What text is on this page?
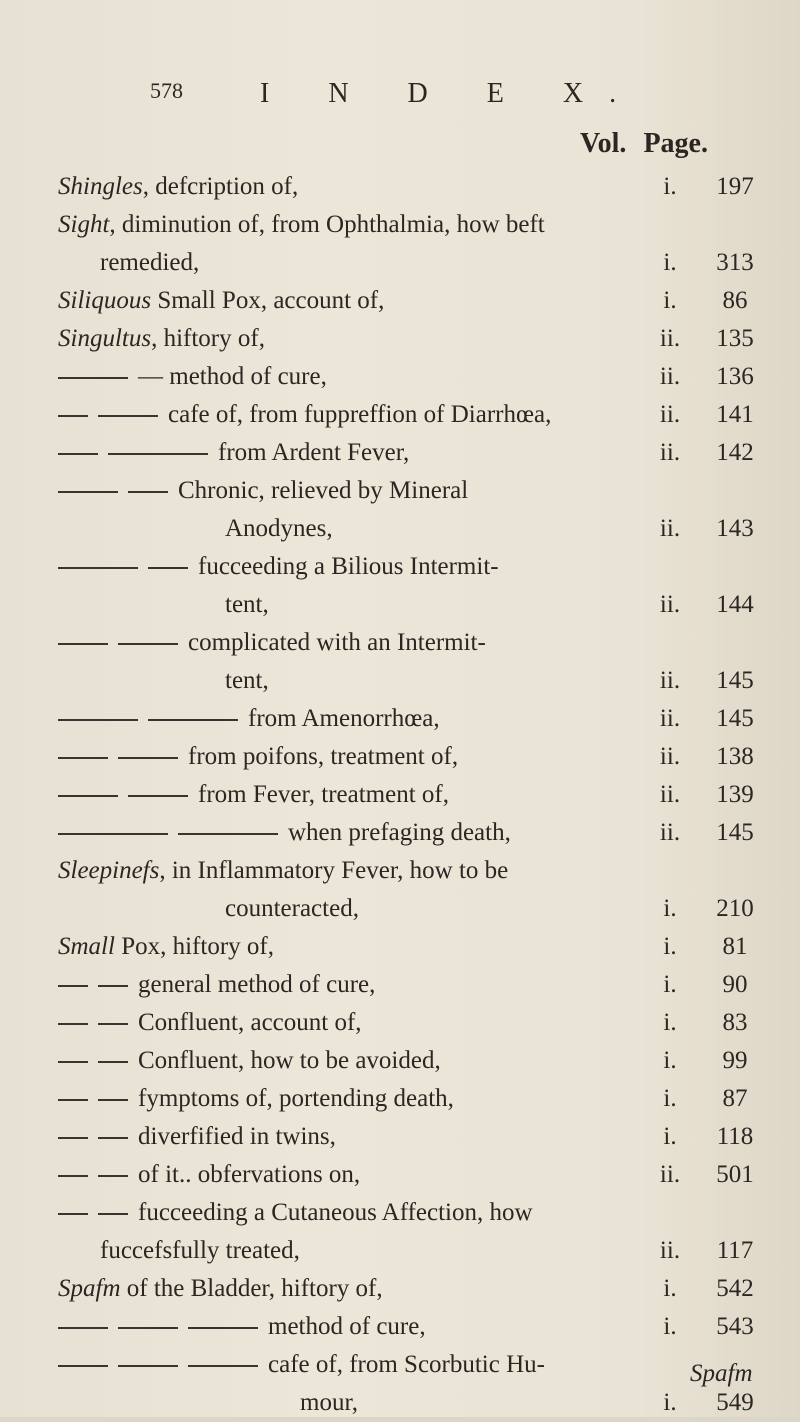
578	I N D E X.
Vol. Page.
Shingles, defcription of,	i.	197
Sight, diminution of, from Ophthalmia, how beft
remedied,	i.	313
Siliquous Small Pox, account of,	i.	86
Singultus, hiftory of,	ii.	135
— method of cure,	ii.	136
cafe of, from fuppreffion of Diarrhœa,	ii.	141
from Ardent Fever,	ii.	142
Chronic, relieved by Mineral
Anodynes,	ii.	143
fucceeding a Bilious Intermit-
tent,	ii.	144
complicated with an Intermit-
tent,	ii.	145
from Amenorrhœa,	ii.	145
from poifons, treatment of,	ii.	138
from Fever, treatment of,	ii.	139
when prefaging death,	ii.	145
Sleepinefs, in Inflammatory Fever, how to be
counteracted,	i.	210
Small Pox, hiftory of,	i.	81
general method of cure,	i.	90
Confluent, account of,	i.	83
Confluent, how to be avoided,	i.	99
fymptoms of, portending death,	i.	87
diverfified in twins,	i.	118
of it.. obfervations on,	ii.	501
fucceeding a Cutaneous Affection, how
fuccefsfully treated,	ii.	117
Spafm of the Bladder, hiftory of,	i.	542
method of cure,	i.	543
cafe of, from Scorbutic Hu-
mour,	i.	549
Spafm
